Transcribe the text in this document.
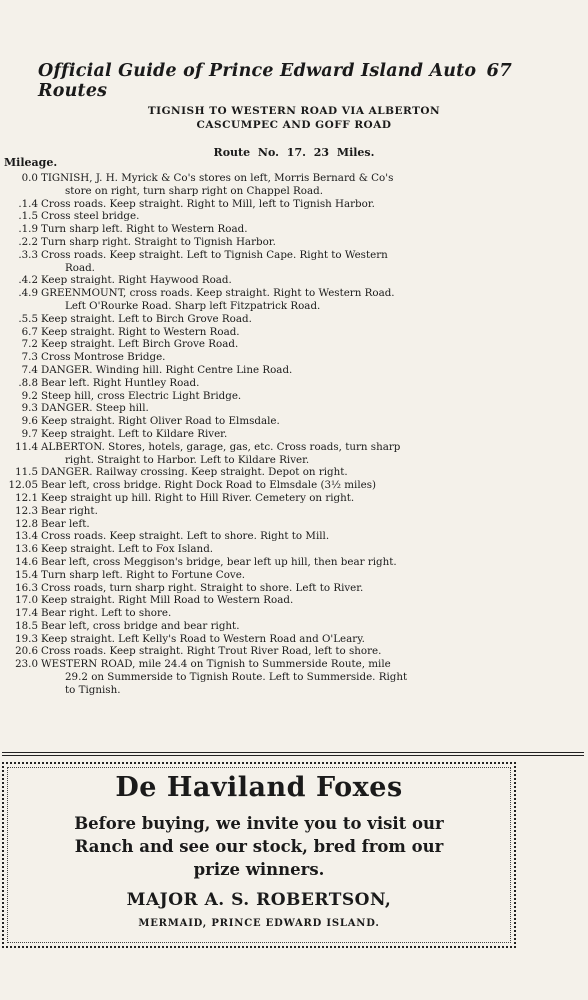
Official Guide of Prince Edward Island Auto Routes
67
TIGNISH TO WESTERN ROAD VIA ALBERTON
CASCUMPEC AND GOFF ROAD
Route No. 17. 23 Miles.
Mileage.
0.0 TIGNISH, J. H. Myrick & Co's stores on left, Morris Bernard & Co's
store on right, turn sharp right on Chappel Road.
.1.4 Cross roads. Keep straight. Right to Mill, left to Tignish Harbor.
.1.5 Cross steel bridge.
.1.9 Turn sharp left. Right to Western Road.
.2.2 Turn sharp right. Straight to Tignish Harbor.
.3.3 Cross roads. Keep straight. Left to Tignish Cape. Right to Western
Road.
.4.2 Keep straight. Right Haywood Road.
.4.9 GREENMOUNT, cross roads. Keep straight. Right to Western Road.
Left O'Rourke Road. Sharp left Fitzpatrick Road.
.5.5 Keep straight. Left to Birch Grove Road.
6.7 Keep straight. Right to Western Road.
7.2 Keep straight. Left Birch Grove Road.
7.3 Cross Montrose Bridge.
7.4 DANGER. Winding hill. Right Centre Line Road.
.8.8 Bear left. Right Huntley Road.
9.2 Steep hill, cross Electric Light Bridge.
9.3 DANGER. Steep hill.
9.6 Keep straight. Right Oliver Road to Elmsdale.
9.7 Keep straight. Left to Kildare River.
11.4 ALBERTON. Stores, hotels, garage, gas, etc. Cross roads, turn sharp
right. Straight to Harbor. Left to Kildare River.
11.5 DANGER. Railway crossing. Keep straight. Depot on right.
12.05 Bear left, cross bridge. Right Dock Road to Elmsdale (3½ miles)
12.1 Keep straight up hill. Right to Hill River. Cemetery on right.
12.3 Bear right.
12.8 Bear left.
13.4 Cross roads. Keep straight. Left to shore. Right to Mill.
13.6 Keep straight. Left to Fox Island.
14.6 Bear left, cross Meggison's bridge, bear left up hill, then bear right.
15.4 Turn sharp left. Right to Fortune Cove.
16.3 Cross roads, turn sharp right. Straight to shore. Left to River.
17.0 Keep straight. Right Mill Road to Western Road.
17.4 Bear right. Left to shore.
18.5 Bear left, cross bridge and bear right.
19.3 Keep straight. Left Kelly's Road to Western Road and O'Leary.
20.6 Cross roads. Keep straight. Right Trout River Road, left to shore.
23.0 WESTERN ROAD, mile 24.4 on Tignish to Summerside Route, mile
29.2 on Summerside to Tignish Route. Left to Summerside. Right
to Tignish.
De Haviland Foxes
Before buying, we invite you to visit our
Ranch and see our stock, bred from our
prize winners.
MAJOR A. S. ROBERTSON,
MERMAID, PRINCE EDWARD ISLAND.
